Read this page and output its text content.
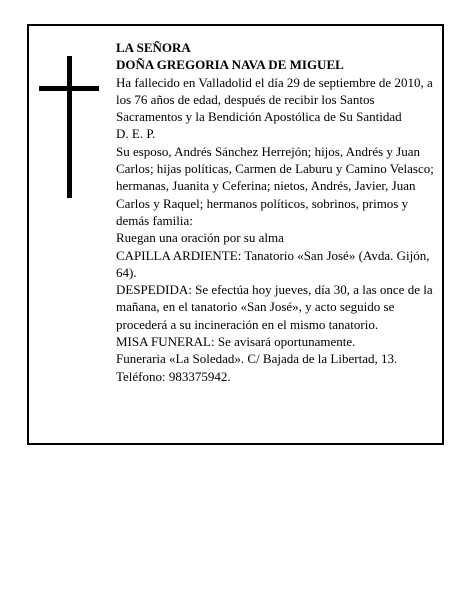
LA SEÑORA
DOÑA GREGORIA NAVA DE MIGUEL
Ha fallecido en Valladolid el día 29 de septiembre de 2010, a los 76 años de edad, después de recibir los Santos Sacramentos y la Bendición Apostólica de Su Santidad
D. E. P.
Su esposo, Andrés Sánchez Herrejón; hijos, Andrés y Juan Carlos; hijas políticas, Carmen de Laburu y Camino Velasco; hermanas, Juanita y Ceferina; nietos, Andrés, Javier, Juan Carlos y Raquel; hermanos políticos, sobrinos, primos y demás familia:
Ruegan una oración por su alma
CAPILLA ARDIENTE: Tanatorio «San José» (Avda. Gijón, 64).
DESPEDIDA: Se efectúa hoy jueves, día 30, a las once de la mañana, en el tanatorio «San José», y acto seguido se procederá a su incineración en el mismo tanatorio.
MISA FUNERAL: Se avisará oportunamente.
Funeraria «La Soledad». C/ Bajada de la Libertad, 13. Teléfono: 983375942.
